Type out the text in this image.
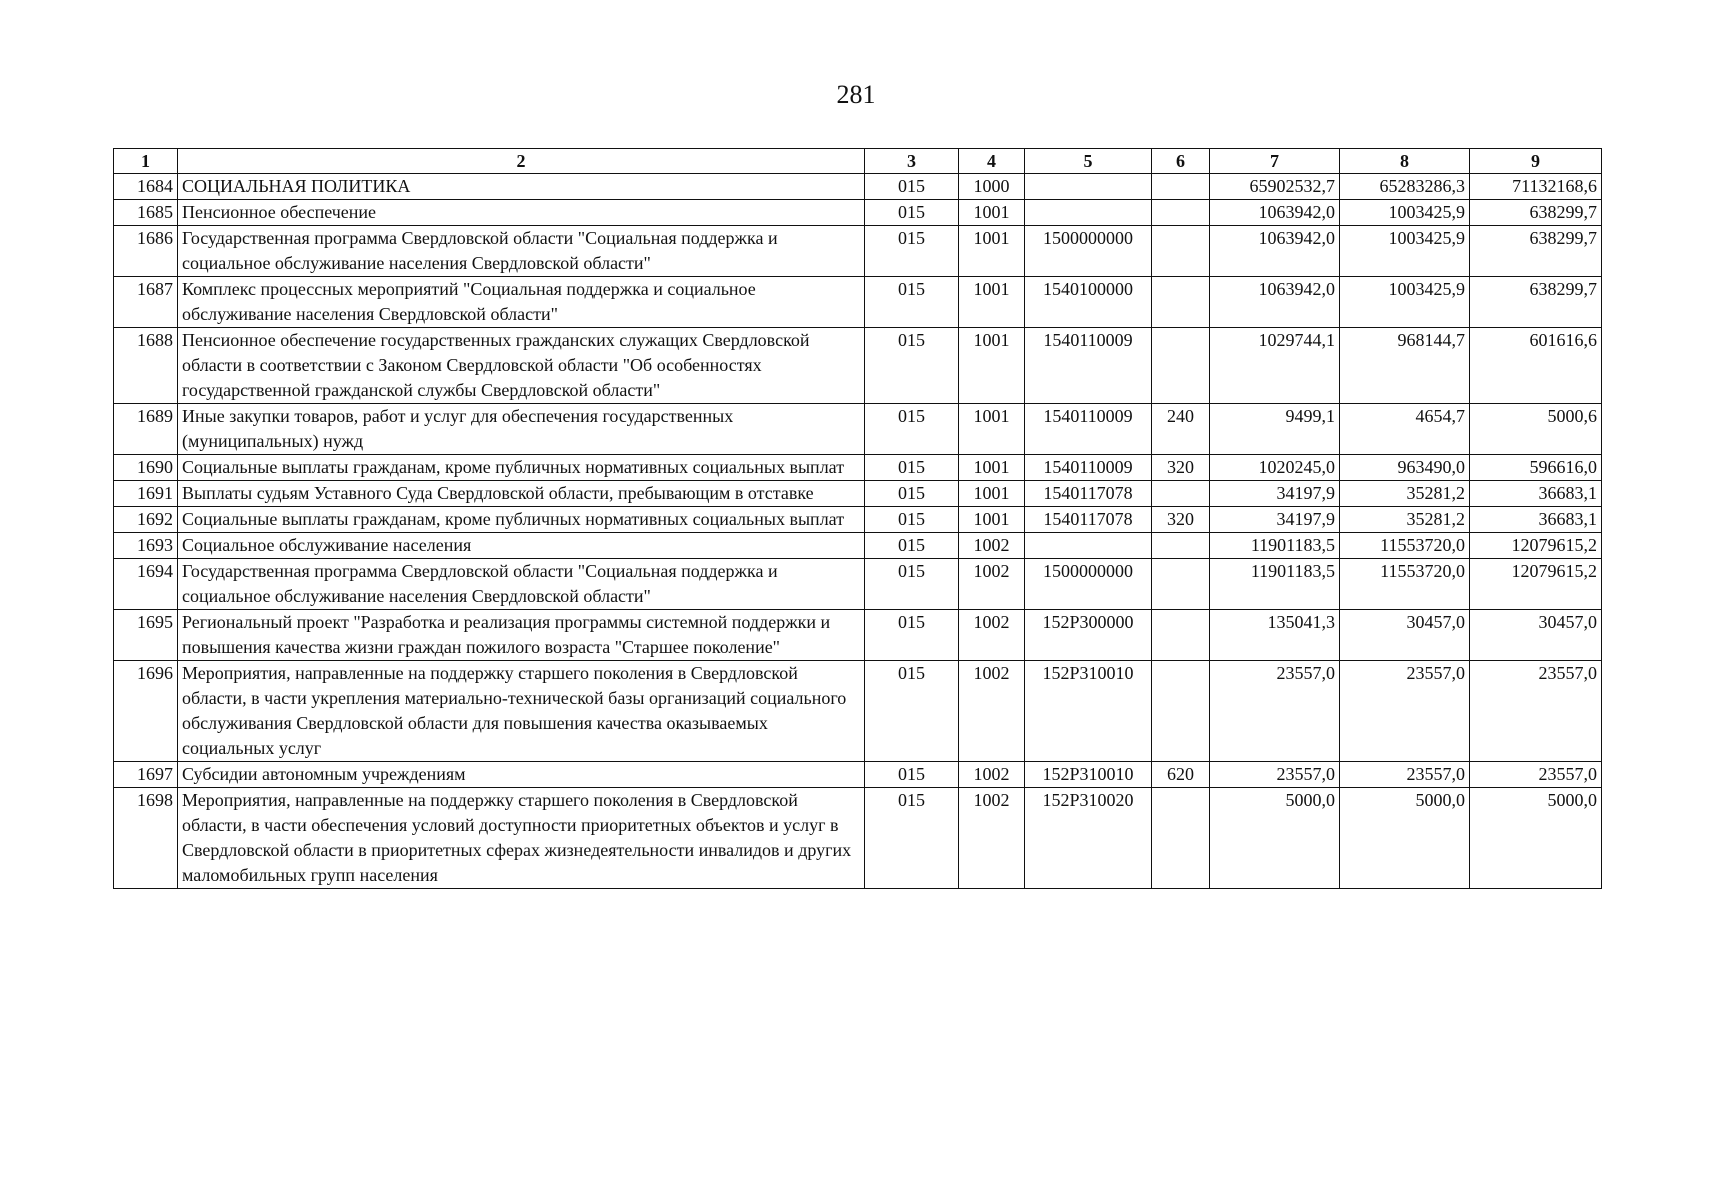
281
1	2	3	4	5	6	7	8	9
1684	СОЦИАЛЬНАЯ ПОЛИТИКА	015	1000			65902532,7	65283286,3	71132168,6
1685	Пенсионное обеспечение	015	1001			1063942,0	1003425,9	638299,7
1686	Государственная программа Свердловской области "Социальная поддержка и социальное обслуживание населения Свердловской области"	015	1001	1500000000		1063942,0	1003425,9	638299,7
1687	Комплекс процессных мероприятий "Социальная поддержка и социальное обслуживание населения Свердловской области"	015	1001	1540100000		1063942,0	1003425,9	638299,7
1688	Пенсионное обеспечение государственных гражданских служащих Свердловской области в соответствии с Законом Свердловской области "Об особенностях государственной гражданской службы Свердловской области"	015	1001	1540110009		1029744,1	968144,7	601616,6
1689	Иные закупки товаров, работ и услуг для обеспечения государственных (муниципальных) нужд	015	1001	1540110009	240	9499,1	4654,7	5000,6
1690	Социальные выплаты гражданам, кроме публичных нормативных социальных выплат	015	1001	1540110009	320	1020245,0	963490,0	596616,0
1691	Выплаты судьям Уставного Суда Свердловской области, пребывающим в отставке	015	1001	1540117078		34197,9	35281,2	36683,1
1692	Социальные выплаты гражданам, кроме публичных нормативных социальных выплат	015	1001	1540117078	320	34197,9	35281,2	36683,1
1693	Социальное обслуживание населения	015	1002			11901183,5	11553720,0	12079615,2
1694	Государственная программа Свердловской области "Социальная поддержка и социальное обслуживание населения Свердловской области"	015	1002	1500000000		11901183,5	11553720,0	12079615,2
1695	Региональный проект "Разработка и реализация программы системной поддержки и повышения качества жизни граждан пожилого возраста "Старшее поколение"	015	1002	152P300000		135041,3	30457,0	30457,0
1696	Мероприятия, направленные на поддержку старшего поколения в Свердловской области, в части укрепления материально-технической базы организаций социального обслуживания Свердловской области для повышения качества оказываемых социальных услуг	015	1002	152P310010		23557,0	23557,0	23557,0
1697	Субсидии автономным учреждениям	015	1002	152P310010	620	23557,0	23557,0	23557,0
1698	Мероприятия, направленные на поддержку старшего поколения в Свердловской области, в части обеспечения условий доступности приоритетных объектов и услуг в Свердловской области в приоритетных сферах жизнедеятельности инвалидов и других маломобильных групп населения	015	1002	152P310020		5000,0	5000,0	5000,0
